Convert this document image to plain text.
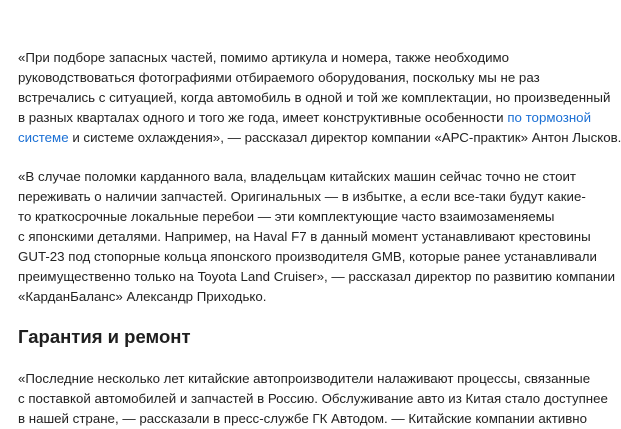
«При подборе запасных частей, помимо артикула и номера, также необходимо
руководствоваться фотографиями отбираемого оборудования, поскольку мы не раз
встречались с ситуацией, когда автомобиль в одной и той же комплектации, но произведенный
в разных кварталах одного и того же года, имеет конструктивные особенности по тормозной
системе и системе охлаждения», — рассказал директор компании «АРС-практик» Антон Лысков.

«В случае поломки карданного вала, владельцам китайских машин сейчас точно не стоит
переживать о наличии запчастей. Оригинальных — в избытке, а если все-таки будут какие-
то краткосрочные локальные перебои — эти комплектующие часто взаимозаменяемы
с японскими деталями. Например, на Haval F7 в данный момент устанавливают крестовины
GUT-23 под стопорные кольца японского производителя GMB, которые ранее устанавливали
преимущественно только на Toyota Land Cruiser», — рассказал директор по развитию компании
«КарданБаланс» Александр Приходько.

Гарантия и ремонт

«Последние несколько лет китайские автопроизводители налаживают процессы, связанные
с поставкой автомобилей и запчастей в Россию. Обслуживание авто из Китая стало доступнее
в нашей стране, — рассказали в пресс-службе ГК Автодом. — Китайские компании активно
